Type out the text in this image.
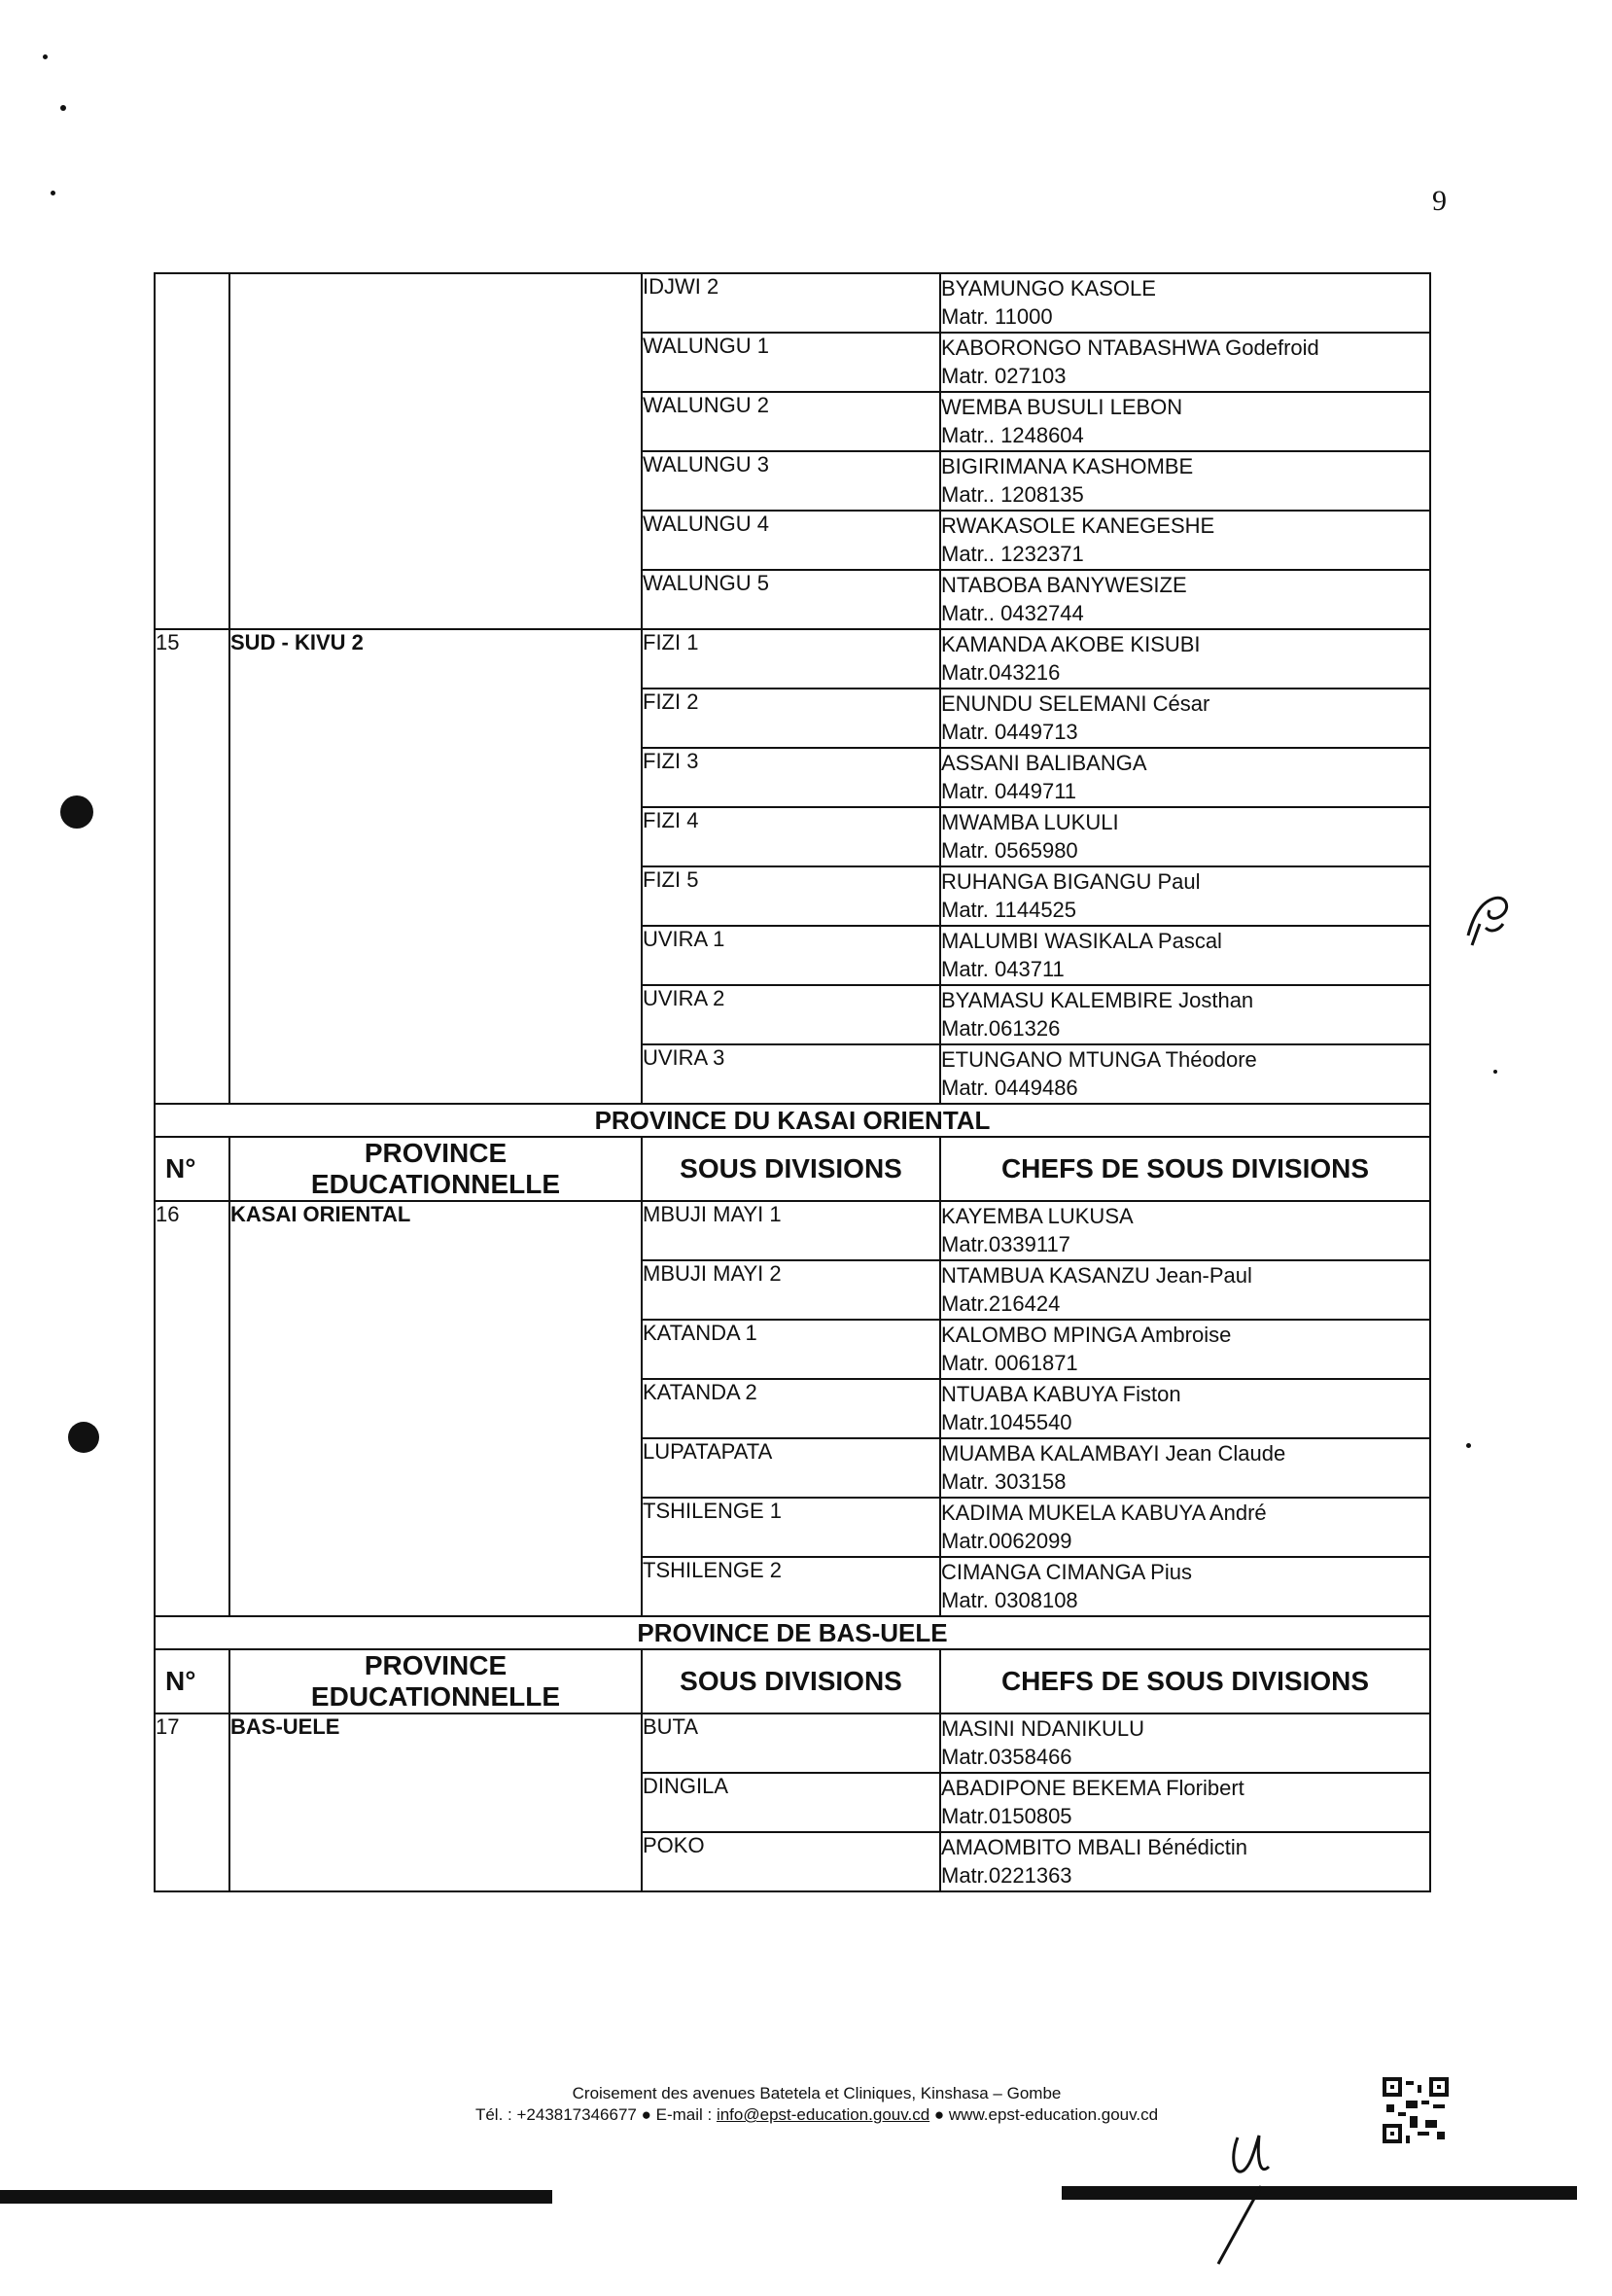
9
		IDJWI 2	BYAMUNGO KASOLE
Matr. 11000

		WALUNGU 1	KABORONGO NTABASHWA Godefroid
Matr. 027103

		WALUNGU 2	WEMBA BUSULI LEBON
Matr.. 1248604

		WALUNGU 3	BIGIRIMANA KASHOMBE
Matr.. 1208135

		WALUNGU 4	RWAKASOLE KANEGESHE
Matr.. 1232371

		WALUNGU 5	NTABOBA BANYWESIZE
Matr.. 0432744

15	SUD - KIVU 2	FIZI 1	KAMANDA AKOBE KISUBI
Matr.043216

		FIZI 2	ENUNDU SELEMANI César
Matr. 0449713

		FIZI 3	ASSANI BALIBANGA
Matr. 0449711

		FIZI 4	MWAMBA LUKULI
Matr. 0565980

		FIZI 5	RUHANGA BIGANGU Paul
Matr. 1144525

		UVIRA 1	MALUMBI WASIKALA Pascal
Matr. 043711

		UVIRA 2	BYAMASU KALEMBIRE Josthan
Matr.061326

		UVIRA 3	ETUNGANO MTUNGA Théodore
Matr. 0449486

PROVINCE DU KASAI ORIENTAL			
N°	PROVINCE EDUCATIONNELLE	SOUS DIVISIONS	CHEFS DE SOUS DIVISIONS
16	KASAI ORIENTAL	MBUJI MAYI 1	KAYEMBA LUKUSA
Matr.0339117

		MBUJI MAYI 2	NTAMBUA KASANZU Jean-Paul
Matr.216424

		KATANDA 1	KALOMBO MPINGA Ambroise
Matr. 0061871

		KATANDA 2	NTUABA KABUYA Fiston
Matr.1045540

		LUPATAPATA	MUAMBA KALAMBAYI Jean Claude
Matr. 303158

		TSHILENGE 1	KADIMA MUKELA KABUYA André
Matr.0062099

		TSHILENGE 2	CIMANGA CIMANGA Pius
Matr. 0308108

PROVINCE DE BAS-UELE			
N°	PROVINCE EDUCATIONNELLE	SOUS DIVISIONS	CHEFS DE SOUS DIVISIONS
17	BAS-UELE	BUTA	MASINI NDANIKULU
Matr.0358466

		DINGILA	ABADIPONE BEKEMA Floribert
Matr.0150805

		POKO	AMAOMBITO MBALI Bénédictin
Matr.0221363
Croisement des avenues Batetela et Cliniques, Kinshasa – Gombe
Tél. : +243817346677 ● E-mail : info@epst-education.gouv.cd ● www.epst-education.gouv.cd
